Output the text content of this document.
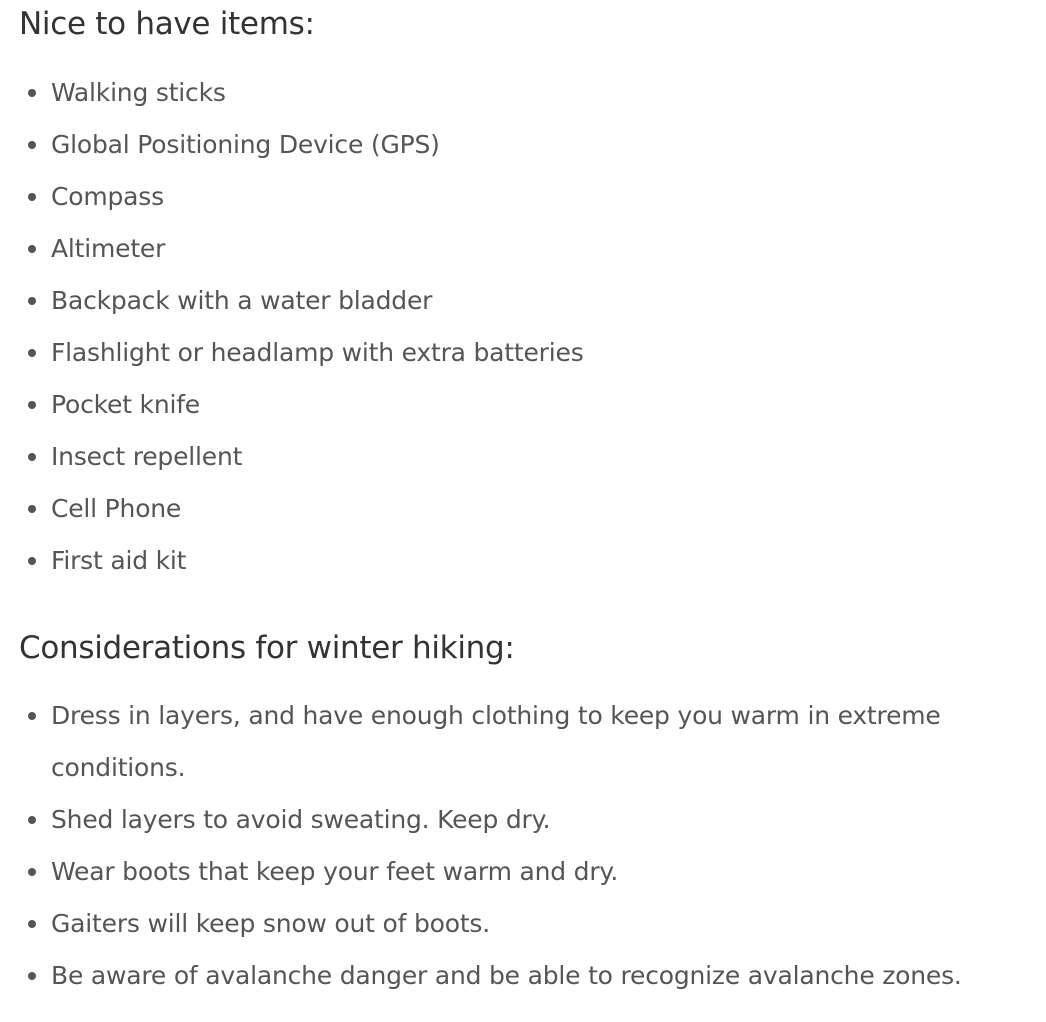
Nice to have items:
Walking sticks
Global Positioning Device (GPS)
Compass
Altimeter
Backpack with a water bladder
Flashlight or headlamp with extra batteries
Pocket knife
Insect repellent
Cell Phone
First aid kit
Considerations for winter hiking:
Dress in layers, and have enough clothing to keep you warm in extreme conditions.
Shed layers to avoid sweating. Keep dry.
Wear boots that keep your feet warm and dry.
Gaiters will keep snow out of boots.
Be aware of avalanche danger and be able to recognize avalanche zones.
